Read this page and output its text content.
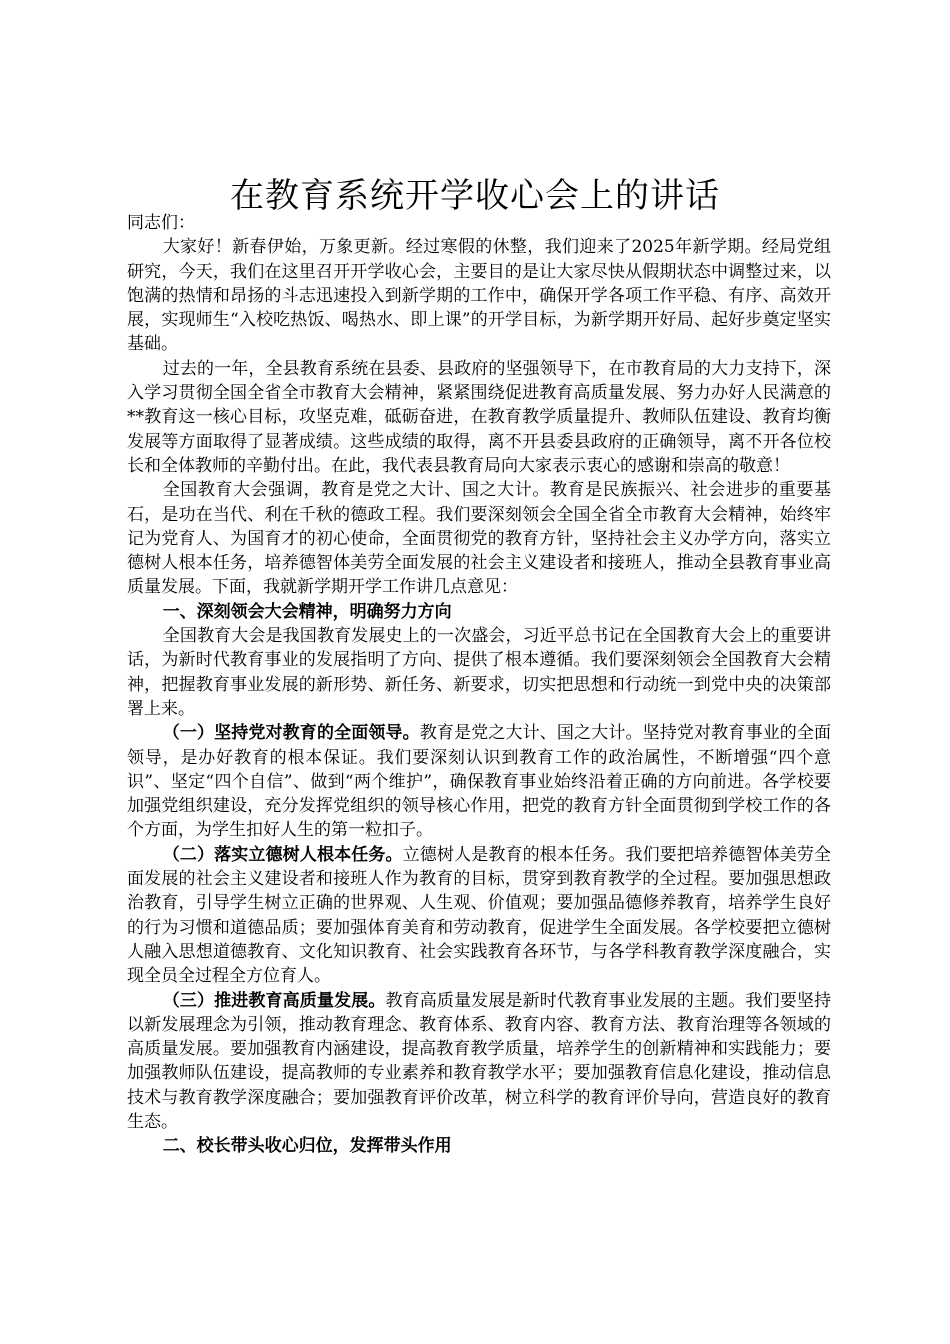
在教育系统开学收心会上的讲话

同志们：

大家好！新春伊始，万象更新。经过寒假的休整，我们迎来了2025年新学期。经局党组研究，今天，我们在这里召开开学收心会，主要目的是让大家尽快从假期状态中调整过来，以饱满的热情和昂扬的斗志迅速投入到新学期的工作中，确保开学各项工作平稳、有序、高效开展，实现师生“入校吃热饭、喝热水、即上课”的开学目标，为新学期开好局、起好步奠定坚实基础。

过去的一年，全县教育系统在县委、县政府的坚强领导下，在市教育局的大力支持下，深入学习贯彻全国全省全市教育大会精神，紧紧围绕促进教育高质量发展、努力办好人民满意的**教育这一核心目标，攻坚克难，砥砺奋进，在教育教学质量提升、教师队伍建设、教育均衡发展等方面取得了显著成绩。这些成绩的取得，离不开县委县政府的正确领导，离不开各位校长和全体教师的辛勤付出。在此，我代表县教育局向大家表示衷心的感谢和崇高的敬意！

全国教育大会强调，教育是党之大计、国之大计。教育是民族振兴、社会进步的重要基石，是功在当代、利在千秋的德政工程。我们要深刻领会全国全省全市教育大会精神，始终牢记为党育人、为国育才的初心使命，全面贯彻党的教育方针，坚持社会主义办学方向，落实立德树人根本任务，培养德智体美劳全面发展的社会主义建设者和接班人，推动全县教育事业高质量发展。下面，我就新学期开学工作讲几点意见：

一、深刻领会大会精神，明确努力方向

全国教育大会是我国教育发展史上的一次盛会，习近平总书记在全国教育大会上的重要讲话，为新时代教育事业的发展指明了方向、提供了根本遵循。我们要深刻领会全国教育大会精神，把握教育事业发展的新形势、新任务、新要求，切实把思想和行动统一到党中央的决策部署上来。

（一）坚持党对教育的全面领导。教育是党之大计、国之大计。坚持党对教育事业的全面领导，是办好教育的根本保证。我们要深刻认识到教育工作的政治属性，不断增强“四个意识”、坚定“四个自信”、做到“两个维护”，确保教育事业始终沿着正确的方向前进。各学校要加强党组织建设，充分发挥党组织的领导核心作用，把党的教育方针全面贯彻到学校工作的各个方面，为学生扣好人生的第一粒扣子。

（二）落实立德树人根本任务。立德树人是教育的根本任务。我们要把培养德智体美劳全面发展的社会主义建设者和接班人作为教育的目标，贯穿到教育教学的全过程。要加强思想政治教育，引导学生树立正确的世界观、人生观、价值观；要加强品德修养教育，培养学生良好的行为习惯和道德品质；要加强体育美育和劳动教育，促进学生全面发展。各学校要把立德树人融入思想道德教育、文化知识教育、社会实践教育各环节，与各学科教育教学深度融合，实现全员全过程全方位育人。

（三）推进教育高质量发展。教育高质量发展是新时代教育事业发展的主题。我们要坚持以新发展理念为引领，推动教育理念、教育体系、教育内容、教育方法、教育治理等各领域的高质量发展。要加强教育内涵建设，提高教育教学质量，培养学生的创新精神和实践能力；要加强教师队伍建设，提高教师的专业素养和教育教学水平；要加强教育信息化建设，推动信息技术与教育教学深度融合；要加强教育评价改革，树立科学的教育评价导向，营造良好的教育生态。

二、校长带头收心归位，发挥带头作用
